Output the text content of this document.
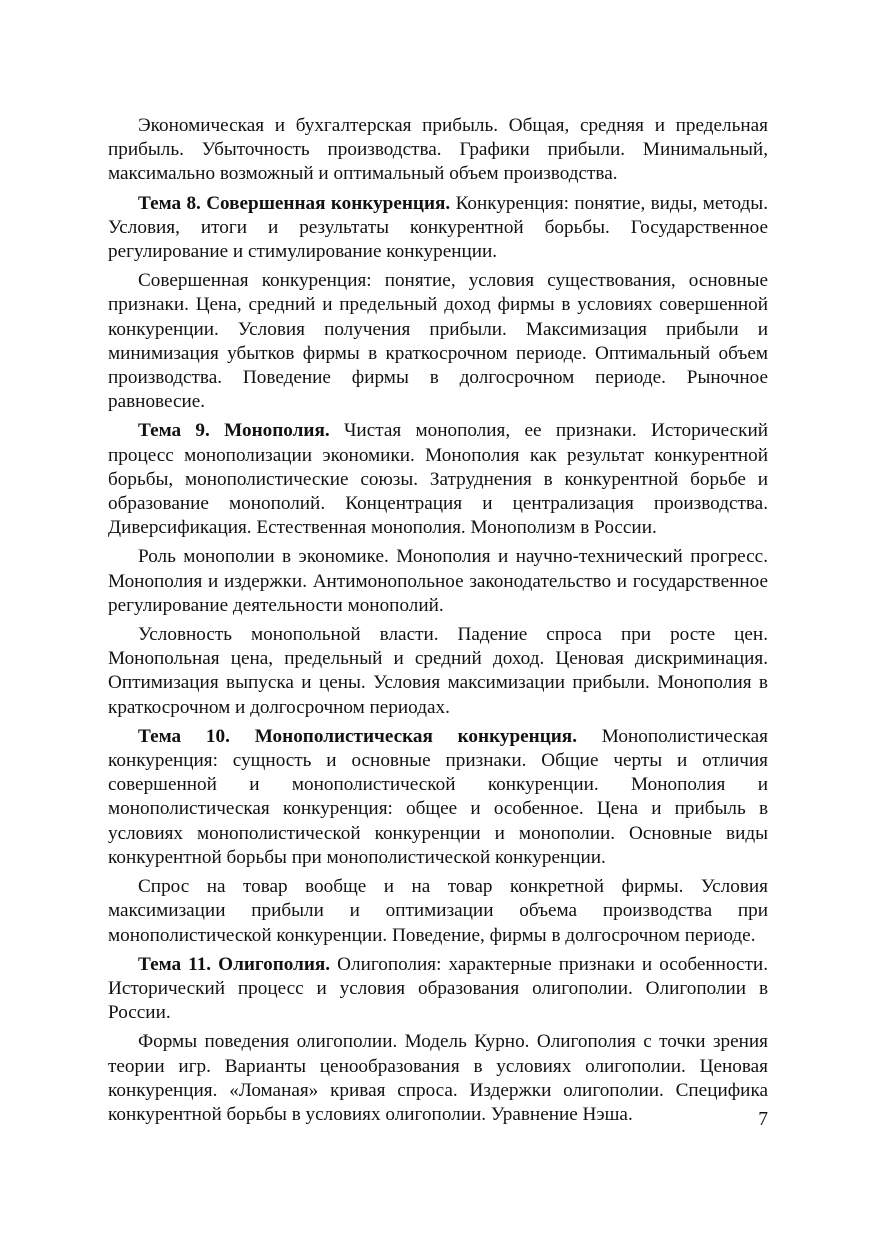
Экономическая и бухгалтерская прибыль. Общая, средняя и предельная прибыль. Убыточность производства. Графики прибыли. Минимальный, максимально возможный и оптимальный объем производства.

Тема 8. Совершенная конкуренция. Конкуренция: понятие, виды, методы. Условия, итоги и результаты конкурентной борьбы. Государственное регулирование и стимулирование конкуренции.

Совершенная конкуренция: понятие, условия существования, основные признаки. Цена, средний и предельный доход фирмы в условиях совершенной конкуренции. Условия получения прибыли. Максимизация прибыли и минимизация убытков фирмы в краткосрочном периоде. Оптимальный объем производства. Поведение фирмы в долгосрочном периоде. Рыночное равновесие.

Тема 9. Монополия. Чистая монополия, ее признаки. Исторический процесс монополизации экономики. Монополия как результат конкурентной борьбы, монополистические союзы. Затруднения в конкурентной борьбе и образование монополий. Концентрация и централизация производства. Диверсификация. Естественная монополия. Монополизм в России.

Роль монополии в экономике. Монополия и научно-технический прогресс. Монополия и издержки. Антимонопольное законодательство и государственное регулирование деятельности монополий.

Условность монопольной власти. Падение спроса при росте цен. Монопольная цена, предельный и средний доход. Ценовая дискриминация. Оптимизация выпуска и цены. Условия максимизации прибыли. Монополия в краткосрочном и долгосрочном периодах.

Тема 10. Монополистическая конкуренция. Монополистическая конкуренция: сущность и основные признаки. Общие черты и отличия совершенной и монополистической конкуренции. Монополия и монополистическая конкуренция: общее и особенное. Цена и прибыль в условиях монополистической конкуренции и монополии. Основные виды конкурентной борьбы при монополистической конкуренции.

Спрос на товар вообще и на товар конкретной фирмы. Условия максимизации прибыли и оптимизации объема производства при монополистической конкуренции. Поведение, фирмы в долгосрочном периоде.

Тема 11. Олигополия. Олигополия: характерные признаки и особенности. Исторический процесс и условия образования олигополии. Олигополии в России.

Формы поведения олигополии. Модель Курно. Олигополия с точки зрения теории игр. Варианты ценообразования в условиях олигополии. Ценовая конкуренция. «Ломаная» кривая спроса. Издержки олигополии. Специфика конкурентной борьбы в условиях олигополии. Уравнение Нэша.	7
